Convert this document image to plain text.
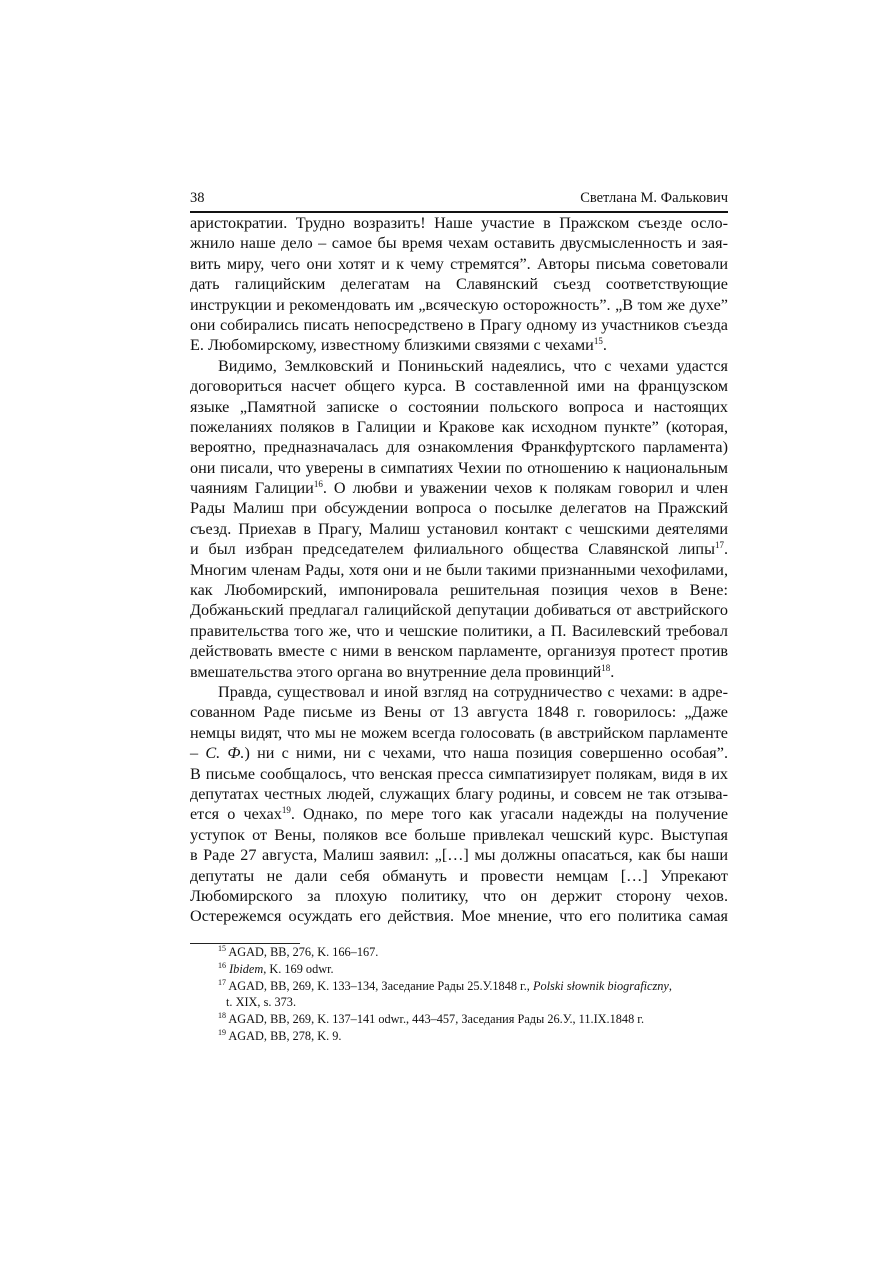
38	Светлана М. Фалькович
аристократии. Трудно возразить! Наше участие в Пражском съезде осло-
жнило наше дело – самое бы время чехам оставить двусмысленность и зая-
вить миру, чего они хотят и к чему стремятся”. Авторы письма советовали
дать галицийским делегатам на Славянский съезд соответствующие
инструкции и рекомендовать им „всяческую осторожность”. „В том же духе”
они собирались писать непосредствено в Прагу одному из участников съезда
Е. Любомирскому, известному близкими связями с чехами$^{15}$.
Видимо, Землковский и Пониньский надеялись, что с чехами удастся
договориться насчет общего курса. В составленной ими на французском
языке „Памятной записке о состоянии польского вопроса и настоящих
пожеланиях поляков в Галиции и Кракове как исходном пункте” (которая,
вероятно, предназначалась для ознакомления Франкфуртского парламента)
они писали, что уверены в симпатиях Чехии по отношению к национальным
чаяниям Галиции$^{16}$. О любви и уважении чехов к полякам говорил и член
Рады Малиш при обсуждении вопроса о посылке делегатов на Пражский
съезд. Приехав в Прагу, Малиш установил контакт с чешскими деятелями
и был избран председателем филиального общества Славянской липы$^{17}$.
Многим членам Рады, хотя они и не были такими признанными чехофилами,
как Любомирский, импонировала решительная позиция чехов в Вене:
Добжаньский предлагал галицийской депутации добиваться от австрийского
правительства того же, что и чешские политики, а П. Василевский требовал
действовать вместе с ними в венском парламенте, организуя протест против
вмешательства этого органа во внутренние дела провинций$^{18}$.
Правда, существовал и иной взгляд на сотрудничество с чехами: в адре-
сованном Раде письме из Вены от 13 августа 1848 г. говорилось: „Даже
немцы видят, что мы не можем всегда голосовать (в австрийском парламенте
– С. Ф.) ни с ними, ни с чехами, что наша позиция совершенно особая”.
В письме сообщалось, что венская пресса симпатизирует полякам, видя в их
депутатах честных людей, служащих благу родины, и совсем не так отзыва-
ется о чехах$^{19}$. Однако, по мере того как угасали надежды на получение
уступок от Вены, поляков все больше привлекал чешский курс. Выступая
в Раде 27 августа, Малиш заявил: „[…] мы должны опасаться, как бы наши
депутаты не дали себя обмануть и провести немцам […] Упрекают
Любомирского за плохую политику, что он держит сторону чехов.
Остережемся осуждать его действия. Мое мнение, что его политика самая
$^{15}$ AGAD, BB, 276, K. 166–167.
$^{16}$ Ibidem, K. 169 odwr.
$^{17}$ AGAD, BB, 269, K. 133–134, Заседание Рады 25.У.1848 г., Polski słownik biograficzny,
t. XIX, s. 373.
$^{18}$ AGAD, BB, 269, K. 137–141 odwr., 443–457, Заседания Рады 26.У., 11.IX.1848 г.
$^{19}$ AGAD, BB, 278, K. 9.
